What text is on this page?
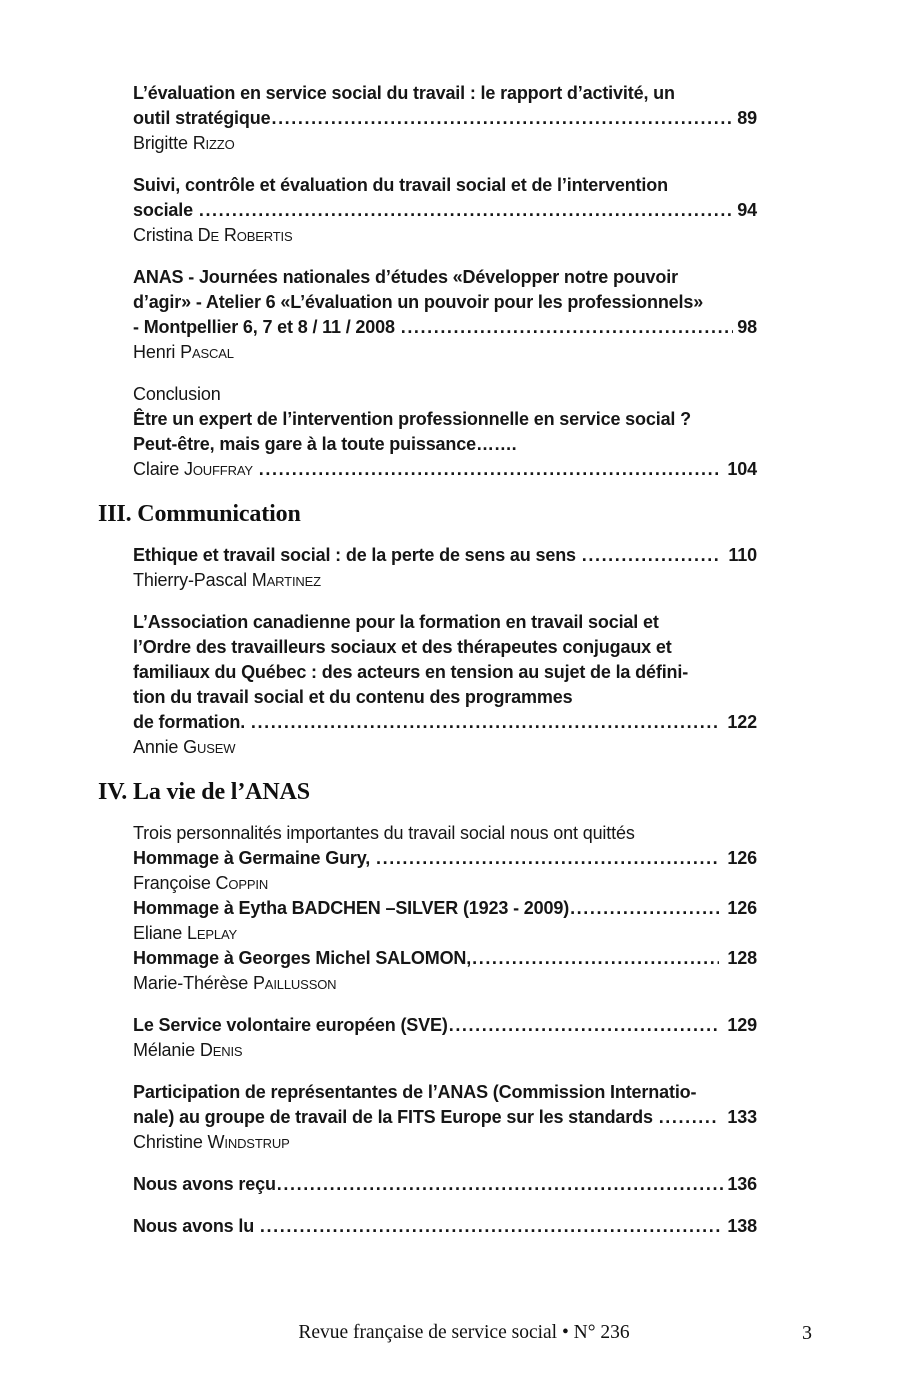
L’évaluation en service social du travail : le rapport d’activité, un
outil stratégique .....	89
Brigitte Rizzo
Suivi, contrôle et évaluation du travail social et de l’intervention
sociale .....	94
Cristina De Robertis
ANAS - Journées nationales d’études «Développer notre pouvoir
d’agir» - Atelier 6 «L’évaluation un pouvoir pour les professionnels»
- Montpellier 6, 7 et 8 / 11 / 2008 .....	98
Henri Pascal
Conclusion
Être un expert de l’intervention professionnelle en service social ?
Peut-être, mais gare à la toute puissance…….
Claire Jouffray .....	104
III. Communication
Ethique et travail social : de la perte de sens au sens .....	110
Thierry-Pascal Martinez
L’Association canadienne pour la formation en travail social et
l’Ordre des travailleurs sociaux et des thérapeutes conjugaux et
familiaux du Québec : des acteurs en tension au sujet de la défini-
tion du travail social et du contenu des programmes
de formation. .....	122
Annie Gusew
IV. La vie de l’ANAS
Trois personnalités importantes du travail social nous ont quittés
Hommage à Germaine Gury, .....	126
Françoise Coppin
Hommage à Eytha BADCHEN –SILVER (1923 - 2009) .....	126
Eliane Leplay
Hommage à Georges Michel SALOMON, .....	128
Marie-Thérèse Paillusson
Le Service volontaire européen (SVE) .....	129
Mélanie Denis
Participation de représentantes de l’ANAS (Commission Internatio-
nale) au groupe de travail de la FITS Europe sur les standards .....	133
Christine Windstrup
Nous avons reçu .....	136
Nous avons lu .....	138
Revue française de service social • N° 236	3
